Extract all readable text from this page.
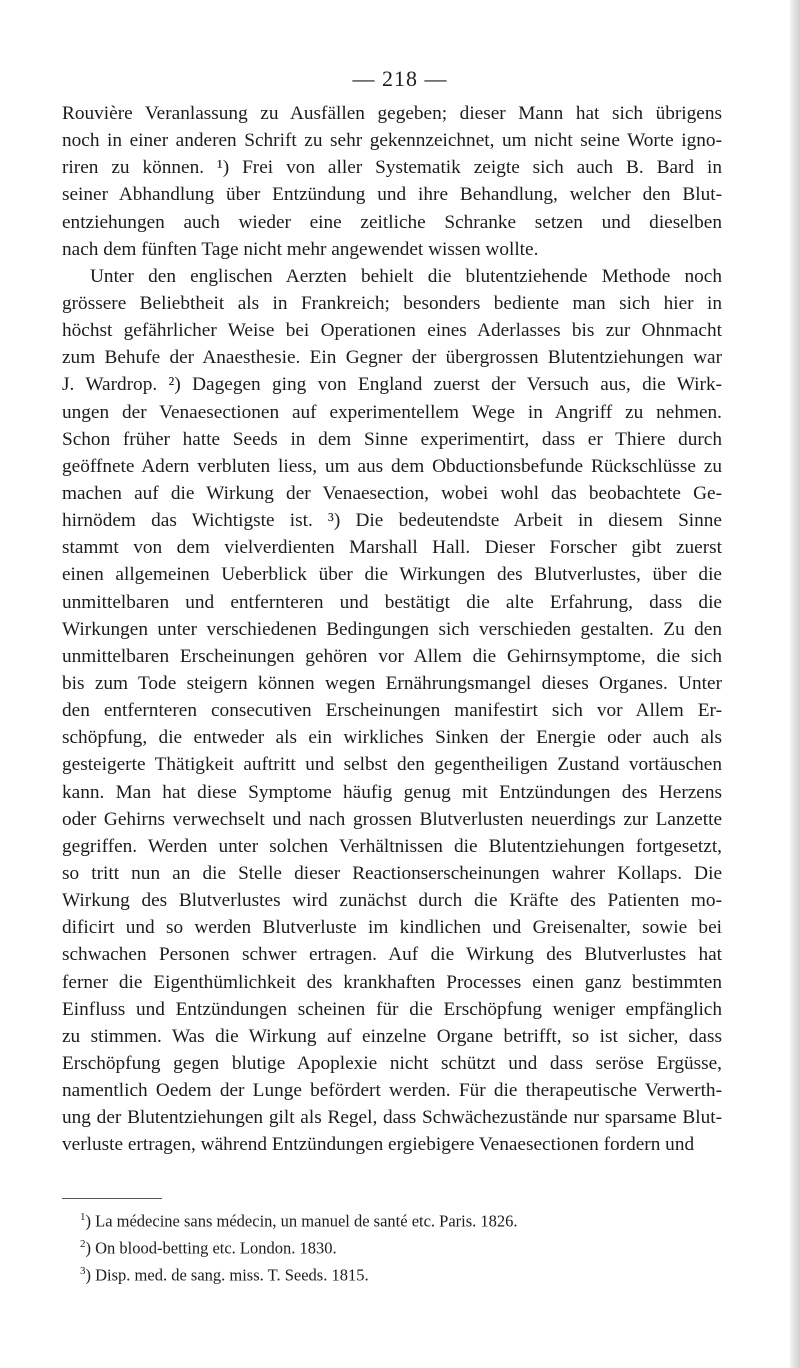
— 218 —
Rouvière Veranlassung zu Ausfällen gegeben; dieser Mann hat sich übrigens
noch in einer anderen Schrift zu sehr gekennzeichnet, um nicht seine Worte igno-
riren zu können. ¹) Frei von aller Systematik zeigte sich auch B. Bard in
seiner Abhandlung über Entzündung und ihre Behandlung, welcher den Blut-
entziehungen auch wieder eine zeitliche Schranke setzen und dieselben
nach dem fünften Tage nicht mehr angewendet wissen wollte.
Unter den englischen Aerzten behielt die blutentziehende Methode noch
grössere Beliebtheit als in Frankreich; besonders bediente man sich hier in
höchst gefährlicher Weise bei Operationen eines Aderlasses bis zur Ohnmacht
zum Behufe der Anaesthesie. Ein Gegner der übergrossen Blutentziehungen war
J. Wardrop. ²) Dagegen ging von England zuerst der Versuch aus, die Wirk-
ungen der Venaesectionen auf experimentellem Wege in Angriff zu nehmen.
Schon früher hatte Seeds in dem Sinne experimentirt, dass er Thiere durch
geöffnete Adern verbluten liess, um aus dem Obductionsbefunde Rückschlüsse zu
machen auf die Wirkung der Venaesection, wobei wohl das beobachtete Ge-
hirnödem das Wichtigste ist. ³) Die bedeutendste Arbeit in diesem Sinne
stammt von dem vielverdienten Marshall Hall. Dieser Forscher gibt zuerst
einen allgemeinen Ueberblick über die Wirkungen des Blutverlustes, über die
unmittelbaren und entfernteren und bestätigt die alte Erfahrung, dass die
Wirkungen unter verschiedenen Bedingungen sich verschieden gestalten. Zu den
unmittelbaren Erscheinungen gehören vor Allem die Gehirnsymptome, die sich
bis zum Tode steigern können wegen Ernährungsmangel dieses Organes. Unter
den entfernteren consecutiven Erscheinungen manifestirt sich vor Allem Er-
schöpfung, die entweder als ein wirkliches Sinken der Energie oder auch als
gesteigerte Thätigkeit auftritt und selbst den gegentheiligen Zustand vortäuschen
kann. Man hat diese Symptome häufig genug mit Entzündungen des Herzens
oder Gehirns verwechselt und nach grossen Blutverlusten neuerdings zur Lanzette
gegriffen. Werden unter solchen Verhältnissen die Blutentziehungen fortgesetzt,
so tritt nun an die Stelle dieser Reactionserscheinungen wahrer Kollaps. Die
Wirkung des Blutverlustes wird zunächst durch die Kräfte des Patienten mo-
dificirt und so werden Blutverluste im kindlichen und Greisenalter, sowie bei
schwachen Personen schwer ertragen. Auf die Wirkung des Blutverlustes hat
ferner die Eigenthümlichkeit des krankhaften Processes einen ganz bestimmten
Einfluss und Entzündungen scheinen für die Erschöpfung weniger empfänglich
zu stimmen. Was die Wirkung auf einzelne Organe betrifft, so ist sicher, dass
Erschöpfung gegen blutige Apoplexie nicht schützt und dass seröse Ergüsse,
namentlich Oedem der Lunge befördert werden. Für die therapeutische Verwerth-
ung der Blutentziehungen gilt als Regel, dass Schwächezustände nur sparsame Blut-
verluste ertragen, während Entzündungen ergiebigere Venaesectionen fordern und
$^1$) La médecine sans médecin, un manuel de santé etc. Paris. 1826.
$^2$) On blood-betting etc. London. 1830.
$^3$) Disp. med. de sang. miss. T. Seeds. 1815.
